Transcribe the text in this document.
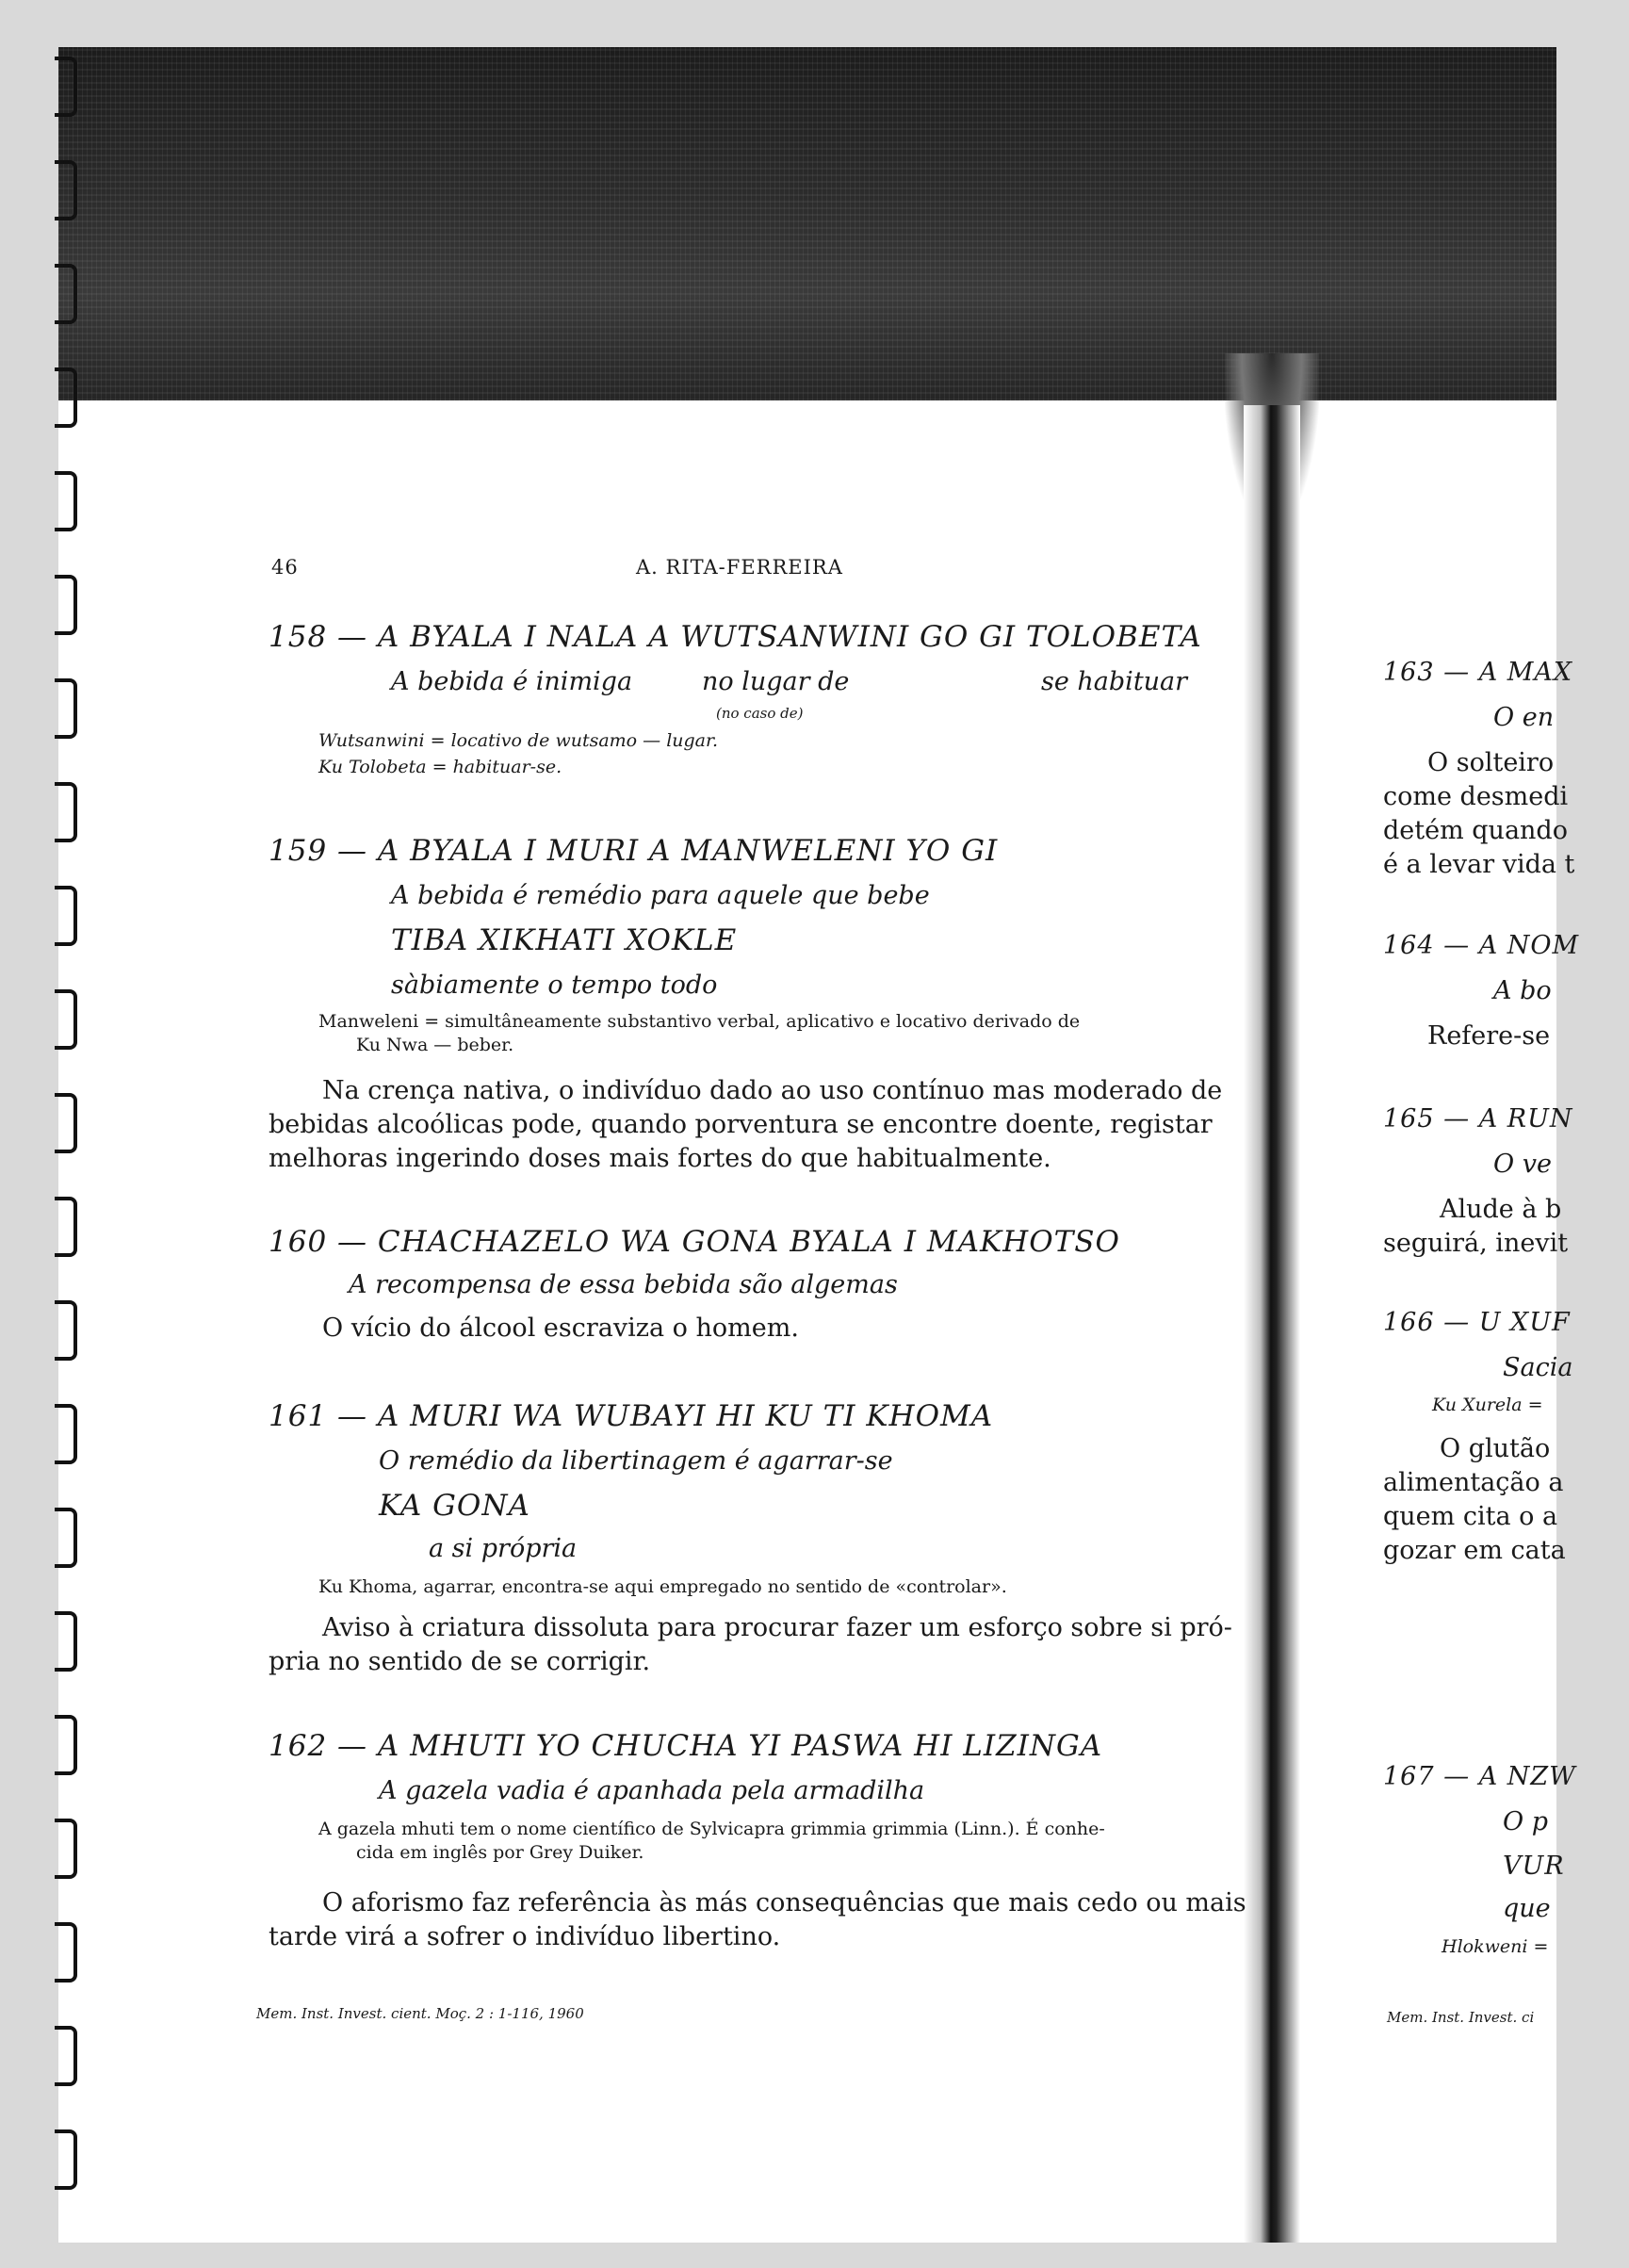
46	A. RITA-FERREIRA
158 — A BYALA I NALA A WUTSANWINI GO GI TOLOBETA
A bebida é inimiga	no lugar de	se habituar
(no caso de)
Wutsanwini = locativo de wutsamo — lugar.
Ku Tolobeta = habituar-se.
159 — A BYALA I MURI A MANWELENI YO GI
A bebida é remédio para aquele que bebe
TIBA XIKHATI XOKLE
sàbiamente o tempo todo
Manweleni = simultâneamente substantivo verbal, aplicativo e locativo derivado de
Ku Nwa — beber.
Na crença nativa, o indivíduo dado ao uso contínuo mas moderado de
bebidas alcoólicas pode, quando porventura se encontre doente, registar
melhoras ingerindo doses mais fortes do que habitualmente.
160 — CHACHAZELO WA GONA BYALA I MAKHOTSO
A recompensa de essa bebida são algemas
O vício do álcool escraviza o homem.
161 — A MURI WA WUBAYI HI KU TI KHOMA
O remédio da libertinagem é agarrar-se
KA GONA
a si própria
Ku Khoma, agarrar, encontra-se aqui empregado no sentido de «controlar».
Aviso à criatura dissoluta para procurar fazer um esforço sobre si pró-
pria no sentido de se corrigir.
162 — A MHUTI YO CHUCHA YI PASWA HI LIZINGA
A gazela vadia é apanhada pela armadilha
A gazela mhuti tem o nome científico de Sylvicapra grimmia grimmia (Linn.). É conhe-
cida em inglês por Grey Duiker.
O aforismo faz referência às más consequências que mais cedo ou mais
tarde virá a sofrer o indivíduo libertino.
Mem. Inst. Invest. cient. Moç. 2 : 1-116, 1960
163 — A MAX
O en
O solteiro
come desmedi
detém quando
é a levar vida t
164 — A NOM
A bo
Refere-se
165 — A RUN
O ve
Alude à b
seguirá, inevit
166 — U XUF
Sacia
Ku Xurela =
O glutão
alimentação a
quem cita o a
gozar em cata
167 — A NZW
O p
VUR
que
Hlokweni =
Mem. Inst. Invest. ci
